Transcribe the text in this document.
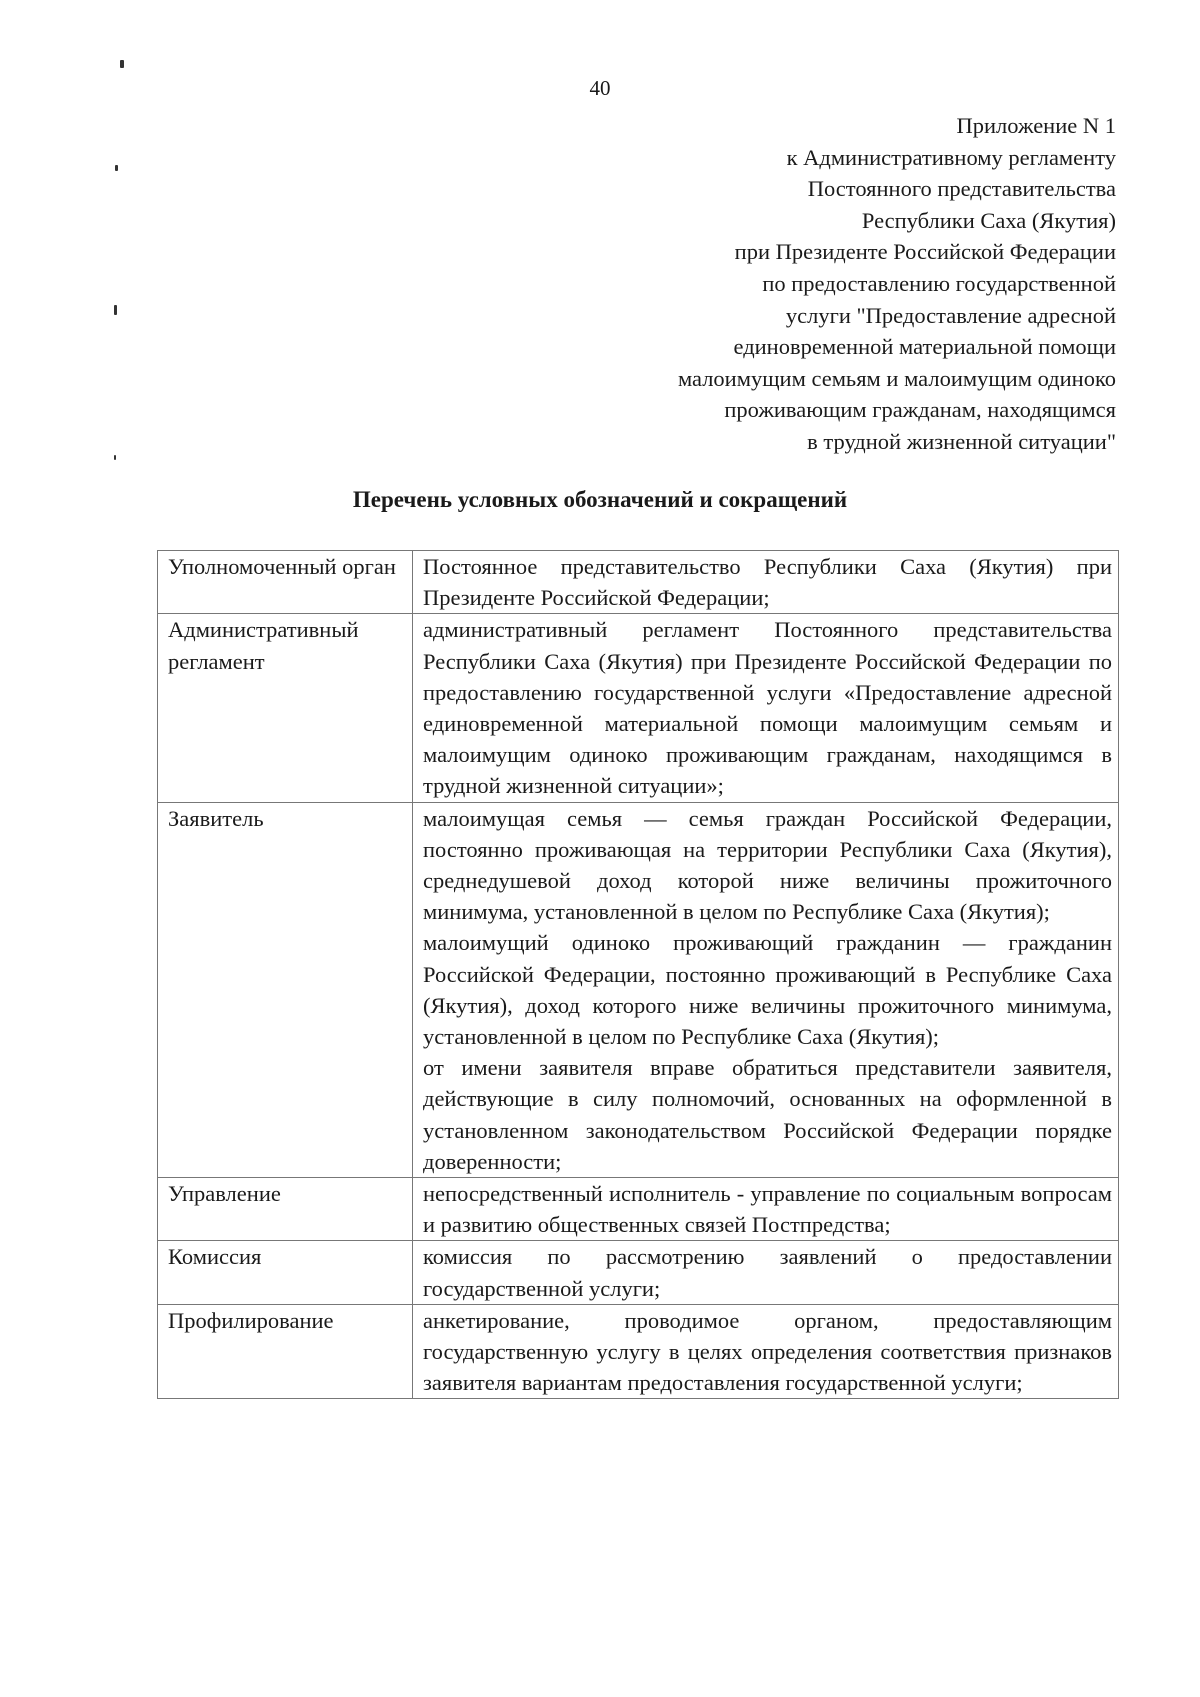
40
Приложение N 1
к Административному регламенту
Постоянного представительства
Республики Саха (Якутия)
при Президенте Российской Федерации
по предоставлению государственной
услуги "Предоставление адресной
единовременной материальной помощи
малоимущим семьям и малоимущим одиноко
проживающим гражданам, находящимся
в трудной жизненной ситуации"
Перечень условных обозначений и сокращений
Уполномоченный орган	Постоянное представительство Республики Саха (Якутия) при Президенте Российской Федерации;

Административный регламент	административный регламент Постоянного представительства Республики Саха (Якутия) при Президенте Российской Федерации по предоставлению государственной услуги «Предоставление адресной единовременной материальной помощи малоимущим семьям и малоимущим одиноко проживающим гражданам, находящимся в трудной жизненной ситуации»;

Заявитель	малоимущая семья — семья граждан Российской Федерации, постоянно проживающая на территории Республики Саха (Якутия), среднедушевой доход которой ниже величины прожиточного минимума, установленной в целом по Республике Саха (Якутия);

малоимущий одиноко проживающий гражданин — гражданин Российской Федерации, постоянно проживающий в Республике Саха (Якутия), доход которого ниже величины прожиточного минимума, установленной в целом по Республике Саха (Якутия);

от имени заявителя вправе обратиться представители заявителя, действующие в силу полномочий, основанных на оформленной в установленном законодательством Российской Федерации порядке доверенности;

Управление	непосредственный исполнитель - управление по социальным вопросам и развитию общественных связей Постпредства;

Комиссия	комиссия по рассмотрению заявлений о предоставлении государственной услуги;

Профилирование	анкетирование, проводимое органом, предоставляющим государственную услугу в целях определения соответствия признаков заявителя вариантам предоставления государственной услуги;
